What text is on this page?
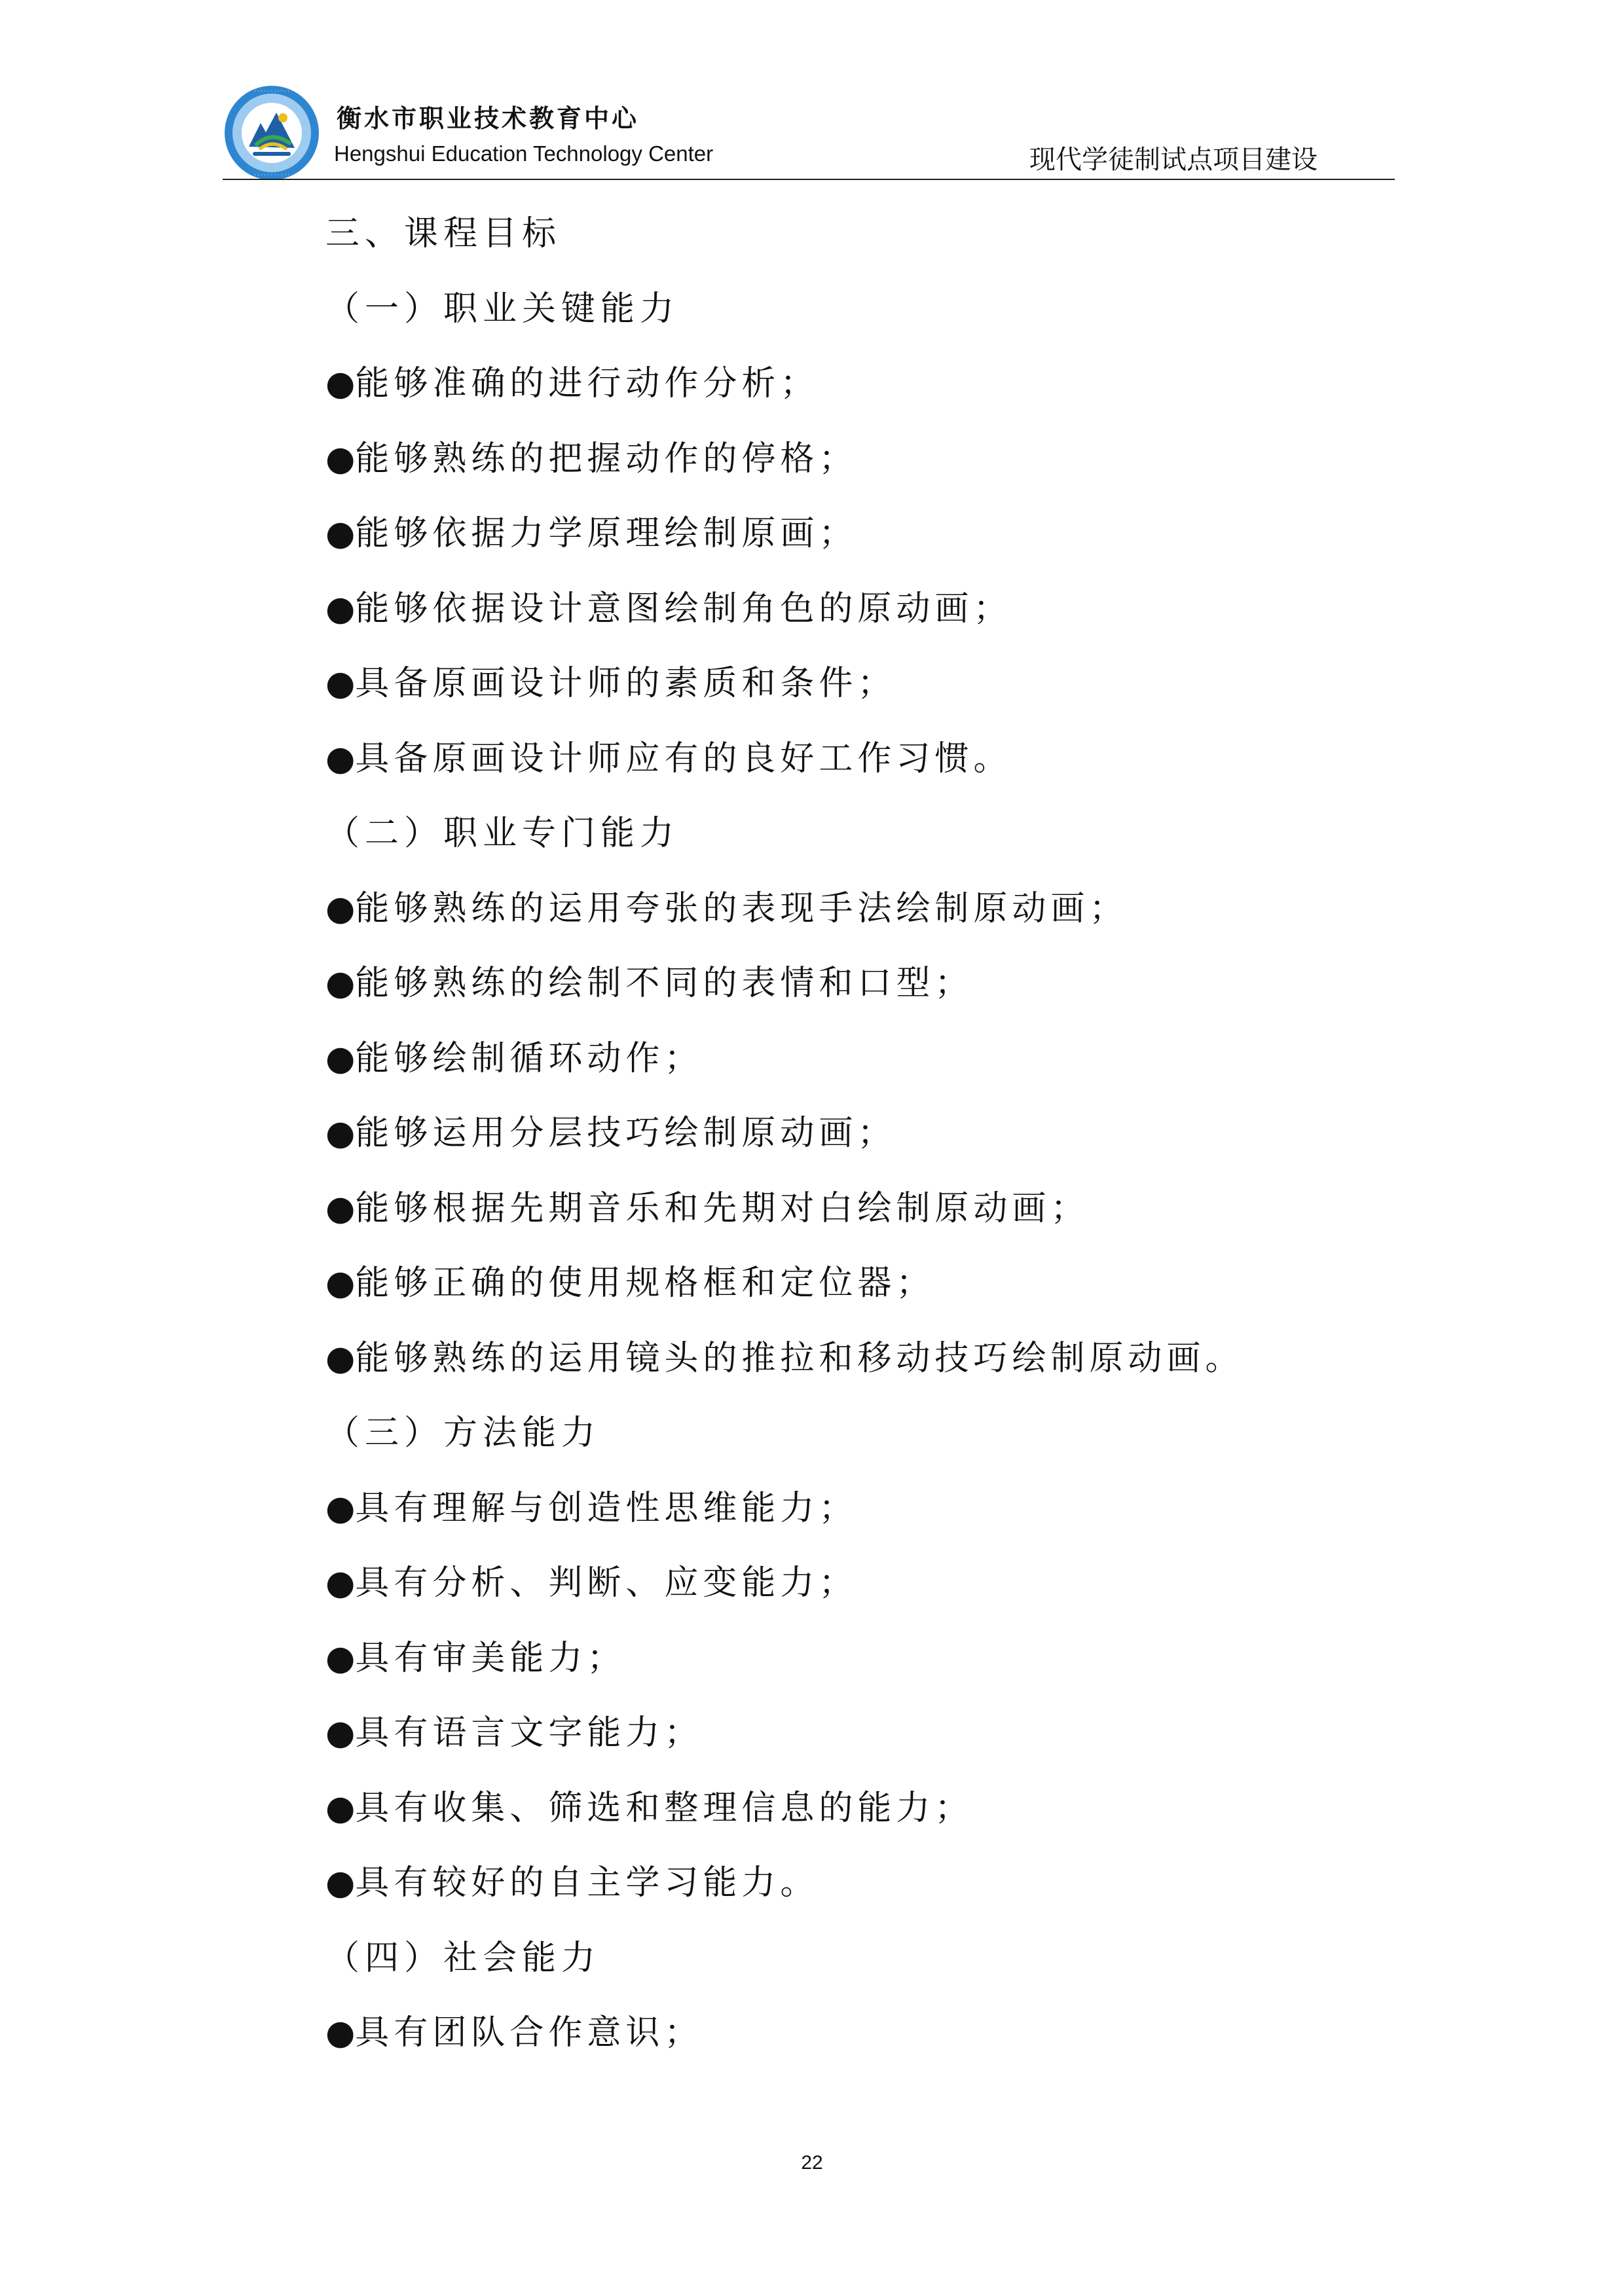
· · · · · · · · · · ·
· · · · · · · · · · ·
衡水市职业技术教育中心
Hengshui Education Technology Center	现代学徒制试点项目建设
三、课程目标
（一）职业关键能力
●能够准确的进行动作分析；
●能够熟练的把握动作的停格；
●能够依据力学原理绘制原画；
●能够依据设计意图绘制角色的原动画；
●具备原画设计师的素质和条件；
●具备原画设计师应有的良好工作习惯。
（二）职业专门能力
●能够熟练的运用夸张的表现手法绘制原动画；
●能够熟练的绘制不同的表情和口型；
●能够绘制循环动作；
●能够运用分层技巧绘制原动画；
●能够根据先期音乐和先期对白绘制原动画；
●能够正确的使用规格框和定位器；
●能够熟练的运用镜头的推拉和移动技巧绘制原动画。
（三）方法能力
●具有理解与创造性思维能力；
●具有分析、判断、应变能力；
●具有审美能力；
●具有语言文字能力；
●具有收集、筛选和整理信息的能力；
●具有较好的自主学习能力。
（四）社会能力
●具有团队合作意识；
22
